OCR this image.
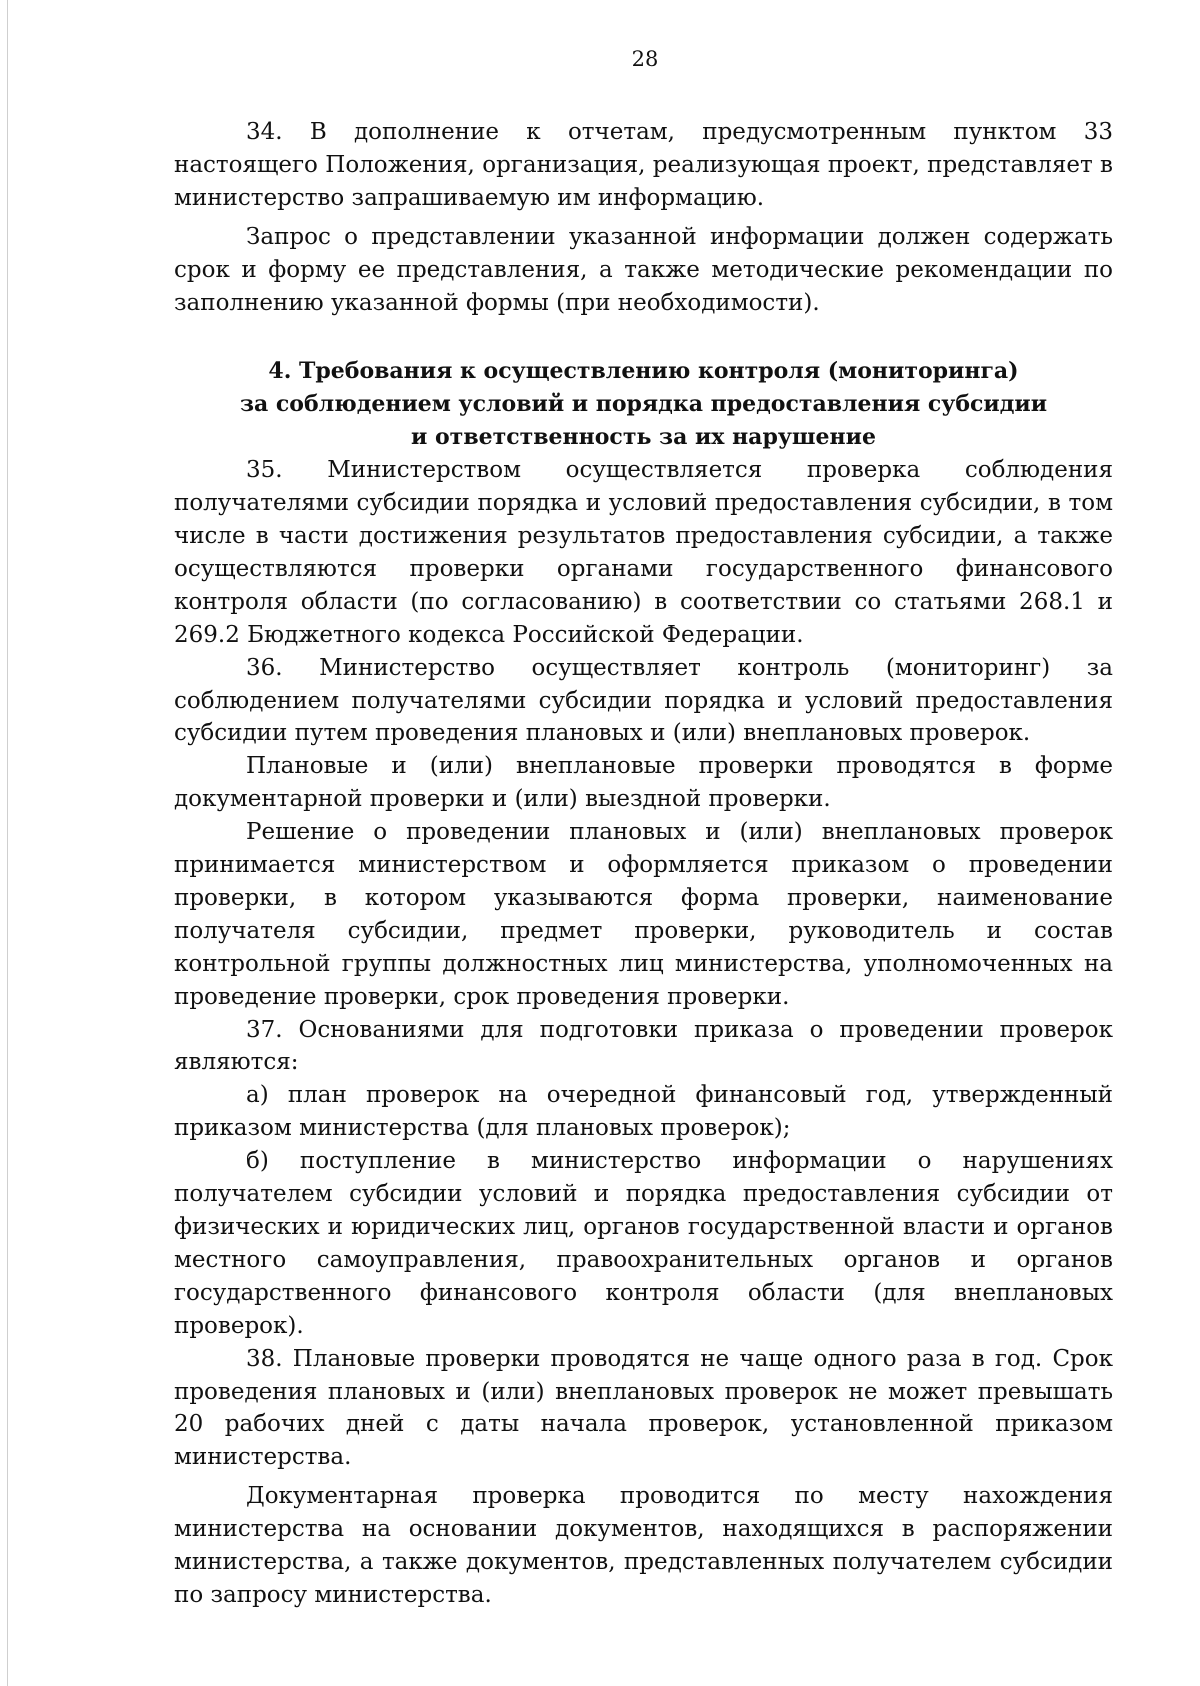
28

34. В дополнение к отчетам, предусмотренным пунктом 33 настоящего Положения, организация, реализующая проект, представляет в министерство запрашиваемую им информацию.

Запрос о представлении указанной информации должен содержать срок и форму ее представления, а также методические рекомендации по заполнению указанной формы (при необходимости).

4. Требования к осуществлению контроля (мониторинга)
за соблюдением условий и порядка предоставления субсидии
и ответственность за их нарушение

35. Министерством осуществляется проверка соблюдения получателями субсидии порядка и условий предоставления субсидии, в том числе в части достижения результатов предоставления субсидии, а также осуществляются проверки органами государственного финансового контроля области (по согласованию) в соответствии со статьями 268.1 и 269.2 Бюджетного кодекса Российской Федерации.

36. Министерство осуществляет контроль (мониторинг) за соблюдением получателями субсидии порядка и условий предоставления субсидии путем проведения плановых и (или) внеплановых проверок.

Плановые и (или) внеплановые проверки проводятся в форме документарной проверки и (или) выездной проверки.

Решение о проведении плановых и (или) внеплановых проверок принимается министерством и оформляется приказом о проведении проверки, в котором указываются форма проверки, наименование получателя субсидии, предмет проверки, руководитель и состав контрольной группы должностных лиц министерства, уполномоченных на проведение проверки, срок проведения проверки.

37. Основаниями для подготовки приказа о проведении проверок являются:

а) план проверок на очередной финансовый год, утвержденный приказом министерства (для плановых проверок);

б) поступление в министерство информации о нарушениях получателем субсидии условий и порядка предоставления субсидии от физических и юридических лиц, органов государственной власти и органов местного самоуправления, правоохранительных органов и органов государственного финансового контроля области (для внеплановых проверок).

38. Плановые проверки проводятся не чаще одного раза в год. Срок проведения плановых и (или) внеплановых проверок не может превышать 20 рабочих дней с даты начала проверок, установленной приказом министерства.

Документарная проверка проводится по месту нахождения министерства на основании документов, находящихся в распоряжении министерства, а также документов, представленных получателем субсидии по запросу министерства.
